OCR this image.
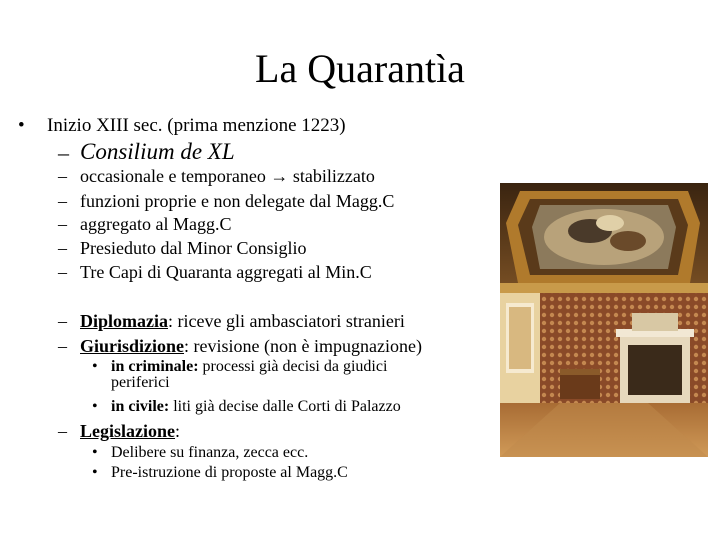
La Quarantìa
• Inizio XIII sec. (prima menzione 1223)
– Consilium de XL
– occasionale e temporaneo → stabilizzato
– funzioni proprie e non delegate dal Magg.C
– aggregato al Magg.C
– Presieduto dal Minor Consiglio
– Tre Capi di Quaranta aggregati al Min.C
– Diplomazia: riceve gli ambasciatori stranieri
– Giurisdizione: revisione (non è impugnazione)
• in criminale: processi già decisi da giudici
periferici
• in civile: liti già decise dalle Corti di Palazzo
– Legislazione:
• Delibere su finanza, zecca ecc.
• Pre-istruzione di proposte al Magg.C
